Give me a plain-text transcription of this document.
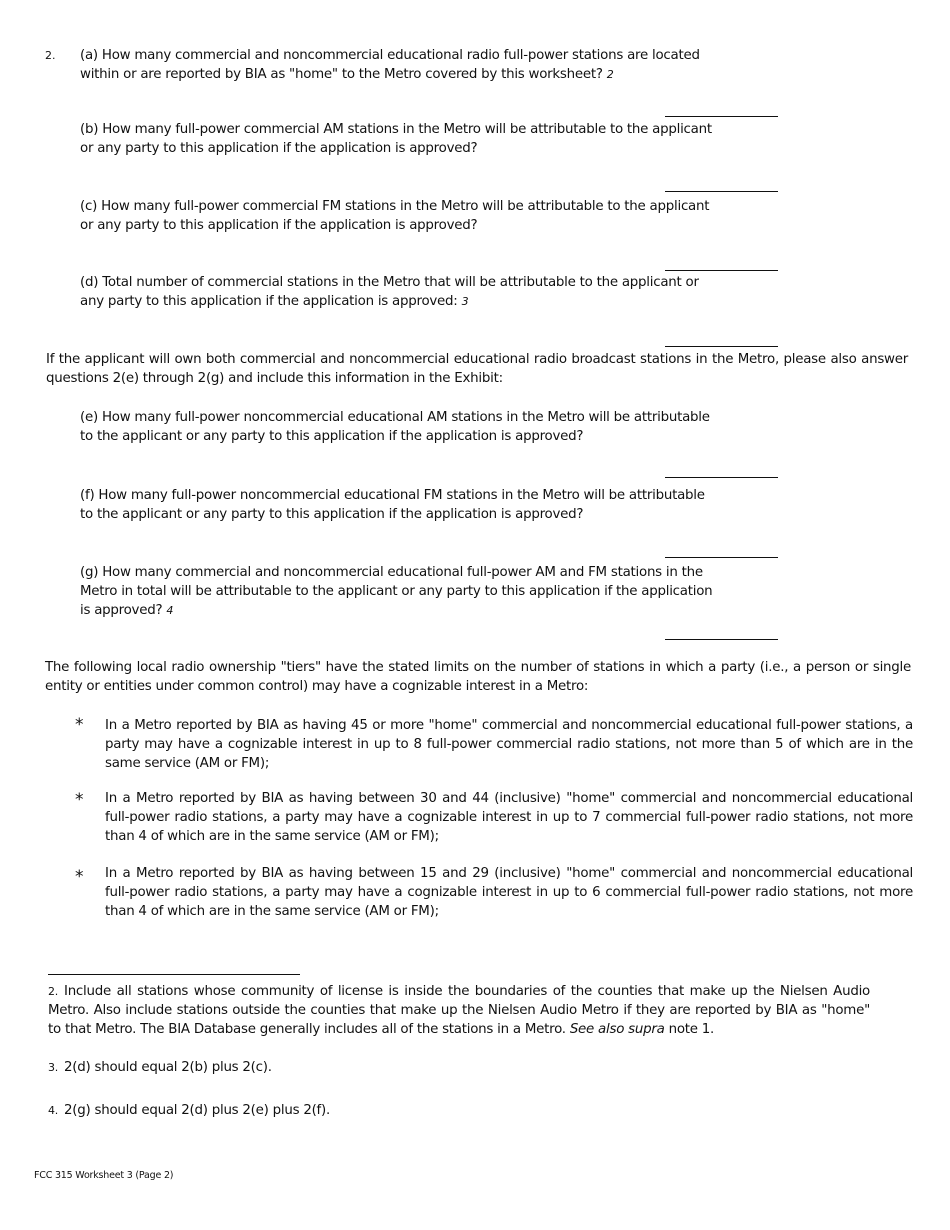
2. (a) How many commercial and noncommercial educational radio full-power stations are located within or are reported by BIA as "home" to the Metro covered by this worksheet? 2
(b) How many full-power commercial AM stations in the Metro will be attributable to the applicant or any party to this application if the application is approved?
(c) How many full-power commercial FM stations in the Metro will be attributable to the applicant or any party to this application if the application is approved?
(d) Total number of commercial stations in the Metro that will be attributable to the applicant or any party to this application if the application is approved: 3
If the applicant will own both commercial and noncommercial educational radio broadcast stations in the Metro, please also answer questions 2(e) through 2(g) and include this information in the Exhibit:
(e) How many full-power noncommercial educational AM stations in the Metro will be attributable to the applicant or any party to this application if the application is approved?
(f) How many full-power noncommercial educational FM stations in the Metro will be attributable to the applicant or any party to this application if the application is approved?
(g) How many commercial and noncommercial educational full-power AM and FM stations in the Metro in total will be attributable to the applicant or any party to this application if the application is approved? 4
The following local radio ownership "tiers" have the stated limits on the number of stations in which a party (i.e., a person or single entity or entities under common control) may have a cognizable interest in a Metro:
* In a Metro reported by BIA as having 45 or more "home" commercial and noncommercial educational full-power stations, a party may have a cognizable interest in up to 8 full-power commercial radio stations, not more than 5 of which are in the same service (AM or FM);
* In a Metro reported by BIA as having between 30 and 44 (inclusive) "home" commercial and noncommercial educational full-power radio stations, a party may have a cognizable interest in up to 7 commercial full-power radio stations, not more than 4 of which are in the same service (AM or FM);
* In a Metro reported by BIA as having between 15 and 29 (inclusive) "home" commercial and noncommercial educational full-power radio stations, a party may have a cognizable interest in up to 6 commercial full-power radio stations, not more than 4 of which are in the same service (AM or FM);
2. Include all stations whose community of license is inside the boundaries of the counties that make up the Nielsen Audio Metro. Also include stations outside the counties that make up the Nielsen Audio Metro if they are reported by BIA as "home" to that Metro. The BIA Database generally includes all of the stations in a Metro. See also supra note 1.
3. 2(d) should equal 2(b) plus 2(c).
4. 2(g) should equal 2(d) plus 2(e) plus 2(f).
FCC 315 Worksheet 3 (Page 2)
